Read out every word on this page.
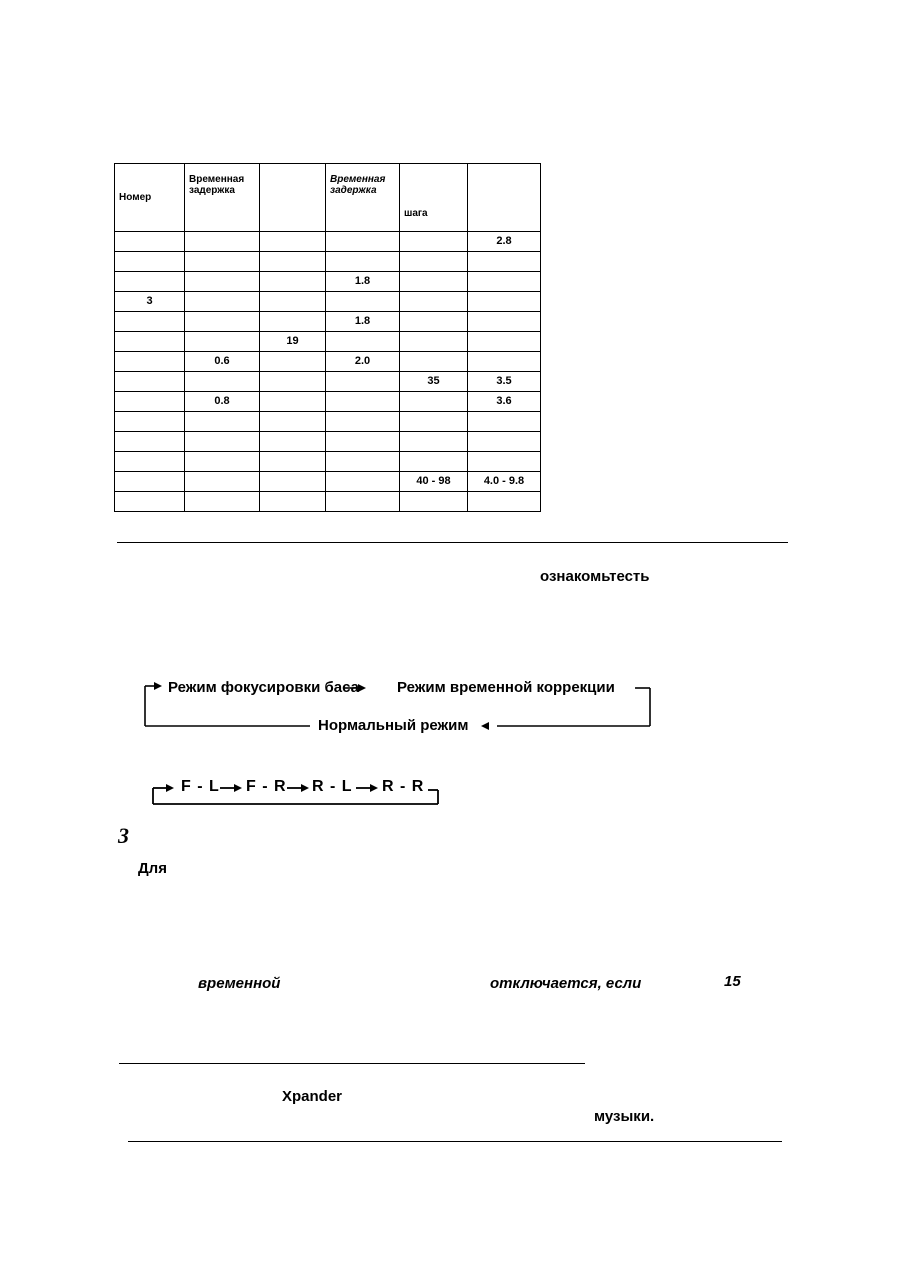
Номер	Временная задержка		Временная задержка	шага	
					2.8

			1.8		
3					
			1.8		
		19			
	0.6		2.0		
				35	3.5
	0.8				3.6

				40 - 98	4.0 - 9.8

ознакомьтесть
Режим фокусировки баса	Режим временной коррекции
Нормальный режим
F - L F - R R - L R - R
3
Для
временной	отключается, если	15
Xpander
музыки.
